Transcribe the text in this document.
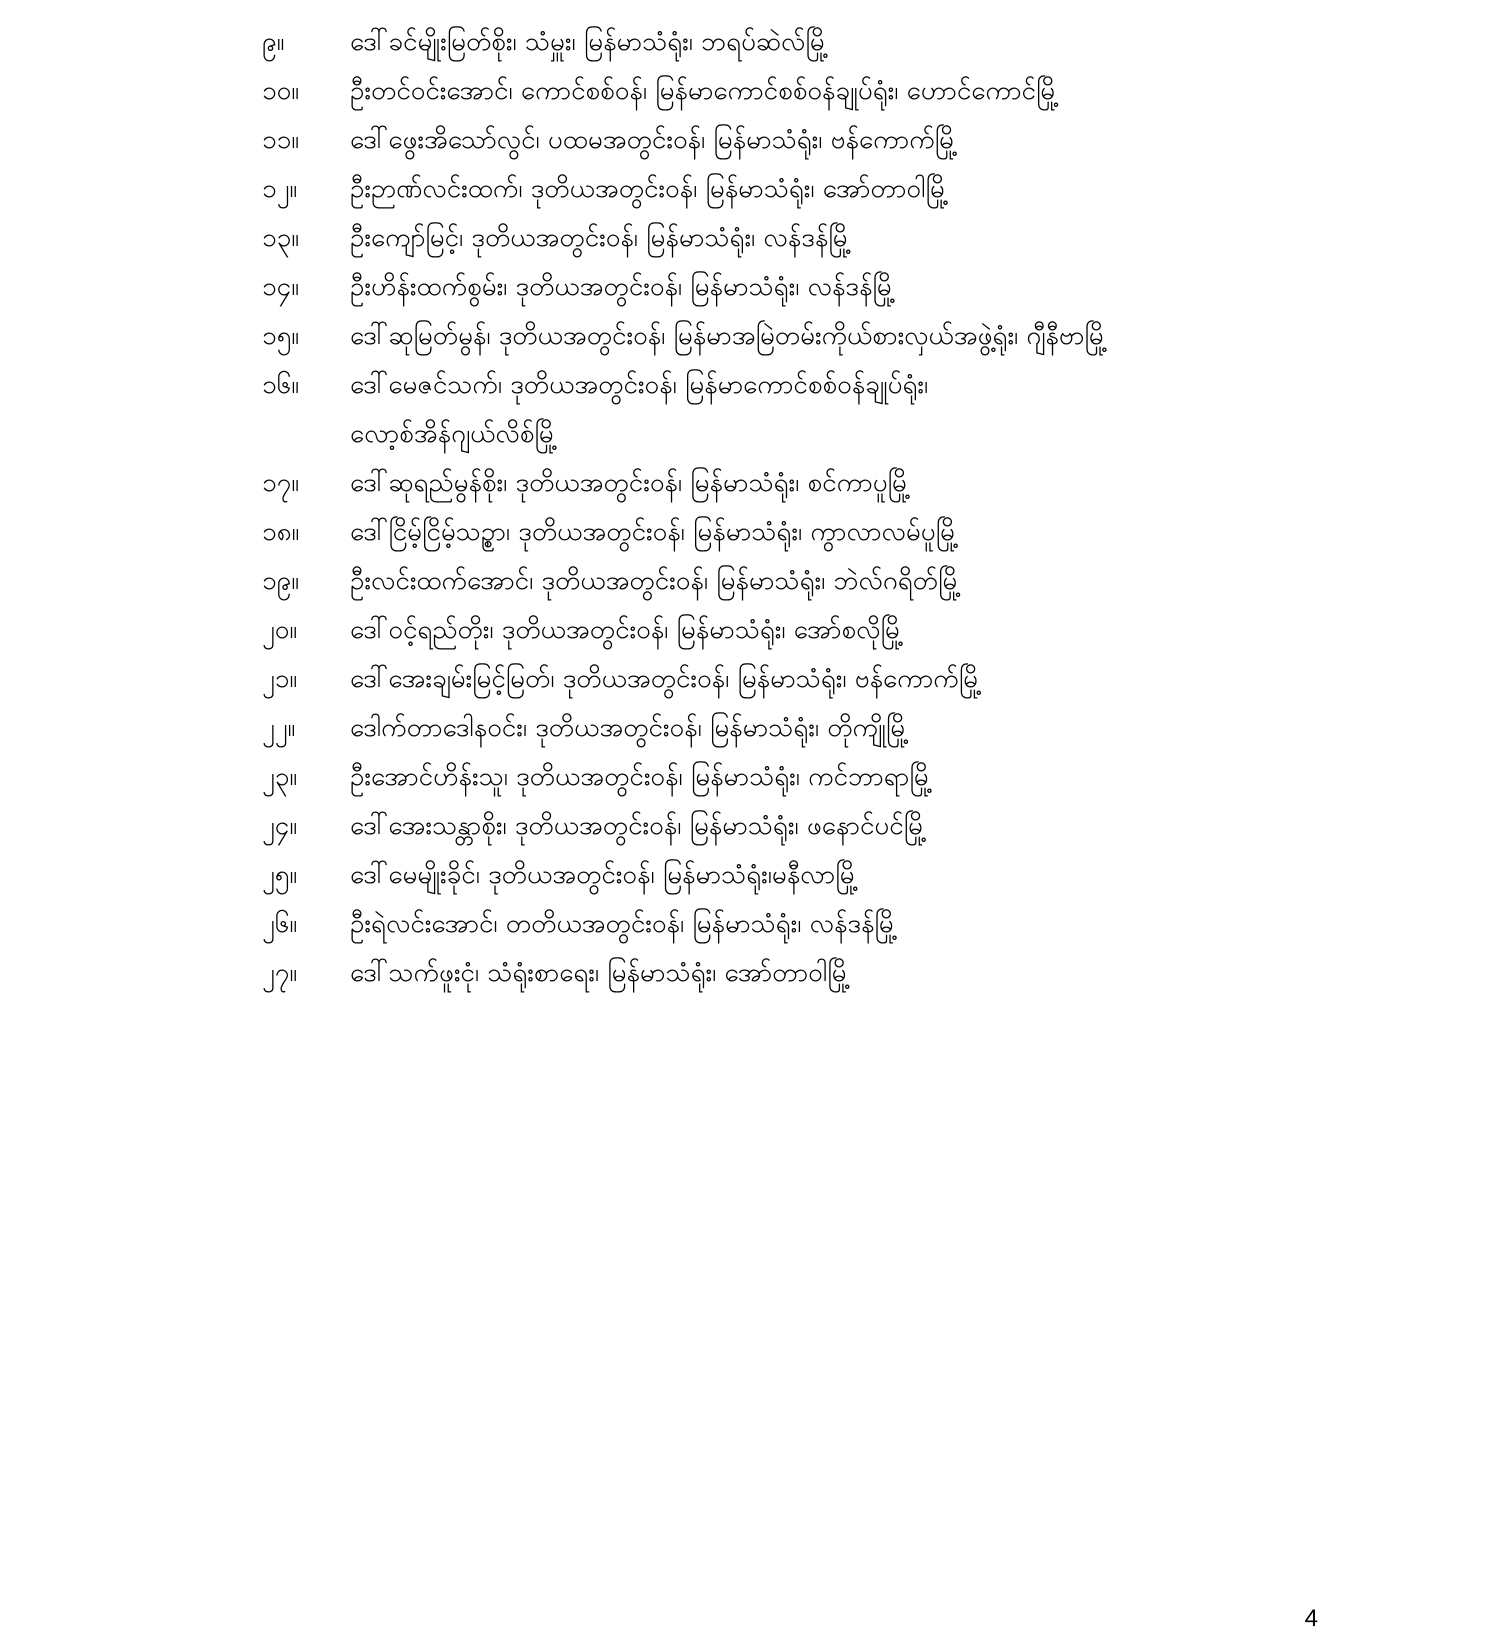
၉။	ဒေါ်ခင်မျိုးမြတ်စိုး၊ သံမှူး၊ မြန်မာသံရုံး၊ ဘရပ်ဆဲလ်မြို့
၁၀။	ဦးတင်ဝင်းအောင်၊ ကောင်စစ်ဝန်၊ မြန်မာကောင်စစ်ဝန်ချုပ်ရုံး၊ ဟောင်ကောင်မြို့
၁၁။	ဒေါ်ဖွေးအိသော်လွင်၊ ပထမအတွင်းဝန်၊ မြန်မာသံရုံး၊ ဗန်ကောက်မြို့
၁၂။	ဦးဉာဏ်လင်းထက်၊ ဒုတိယအတွင်းဝန်၊ မြန်မာသံရုံး၊ အော်တာဝါမြို့
၁၃။	ဦးကျော်မြင့်၊ ဒုတိယအတွင်းဝန်၊ မြန်မာသံရုံး၊ လန်ဒန်မြို့
၁၄။	ဦးဟိန်းထက်စွမ်း၊ ဒုတိယအတွင်းဝန်၊ မြန်မာသံရုံး၊ လန်ဒန်မြို့
၁၅။	ဒေါ်ဆုမြတ်မွန်၊ ဒုတိယအတွင်းဝန်၊ မြန်မာအမြဲတမ်းကိုယ်စားလှယ်အဖွဲ့ရုံး၊ ဂျီနီဗာမြို့
၁၆။	ဒေါ်မေဇင်သက်၊ ဒုတိယအတွင်းဝန်၊ မြန်မာကောင်စစ်ဝန်ချုပ်ရုံး၊
လော့စ်အိန်ဂျယ်လိစ်မြို့
၁၇။	ဒေါ်ဆုရည်မွန်စိုး၊ ဒုတိယအတွင်းဝန်၊ မြန်မာသံရုံး၊ စင်ကာပူမြို့
၁၈။	ဒေါ်ငြိမ့်ငြိမ့်သဥ္စာ၊ ဒုတိယအတွင်းဝန်၊ မြန်မာသံရုံး၊ ကွာလာလမ်ပူမြို့
၁၉။	ဦးလင်းထက်အောင်၊ ဒုတိယအတွင်းဝန်၊ မြန်မာသံရုံး၊ ဘဲလ်ဂရိတ်မြို့
၂၀။	ဒေါ်ဝင့်ရည်တိုး၊ ဒုတိယအတွင်းဝန်၊ မြန်မာသံရုံး၊ အော်စလိုမြို့
၂၁။	ဒေါ်အေးချမ်းမြင့်မြတ်၊ ဒုတိယအတွင်းဝန်၊ မြန်မာသံရုံး၊ ဗန်ကောက်မြို့
၂၂။	ဒေါက်တာဒေါနဝင်း၊ ဒုတိယအတွင်းဝန်၊ မြန်မာသံရုံး၊ တိုကျိုမြို့
၂၃။	ဦးအောင်ဟိန်းသူ၊ ဒုတိယအတွင်းဝန်၊ မြန်မာသံရုံး၊ ကင်ဘာရာမြို့
၂၄။	ဒေါ်အေးသန္တာစိုး၊ ဒုတိယအတွင်းဝန်၊ မြန်မာသံရုံး၊ ဖနောင်ပင်မြို့
၂၅။	ဒေါ်မေမျိုးခိုင်၊ ဒုတိယအတွင်းဝန်၊ မြန်မာသံရုံး၊မနီလာမြို့
၂၆။	ဦးရဲလင်းအောင်၊ တတိယအတွင်းဝန်၊ မြန်မာသံရုံး၊ လန်ဒန်မြို့
၂၇။	ဒေါ်သက်ဖူးငုံ၊ သံရုံးစာရေး၊ မြန်မာသံရုံး၊ အော်တာဝါမြို့
4
